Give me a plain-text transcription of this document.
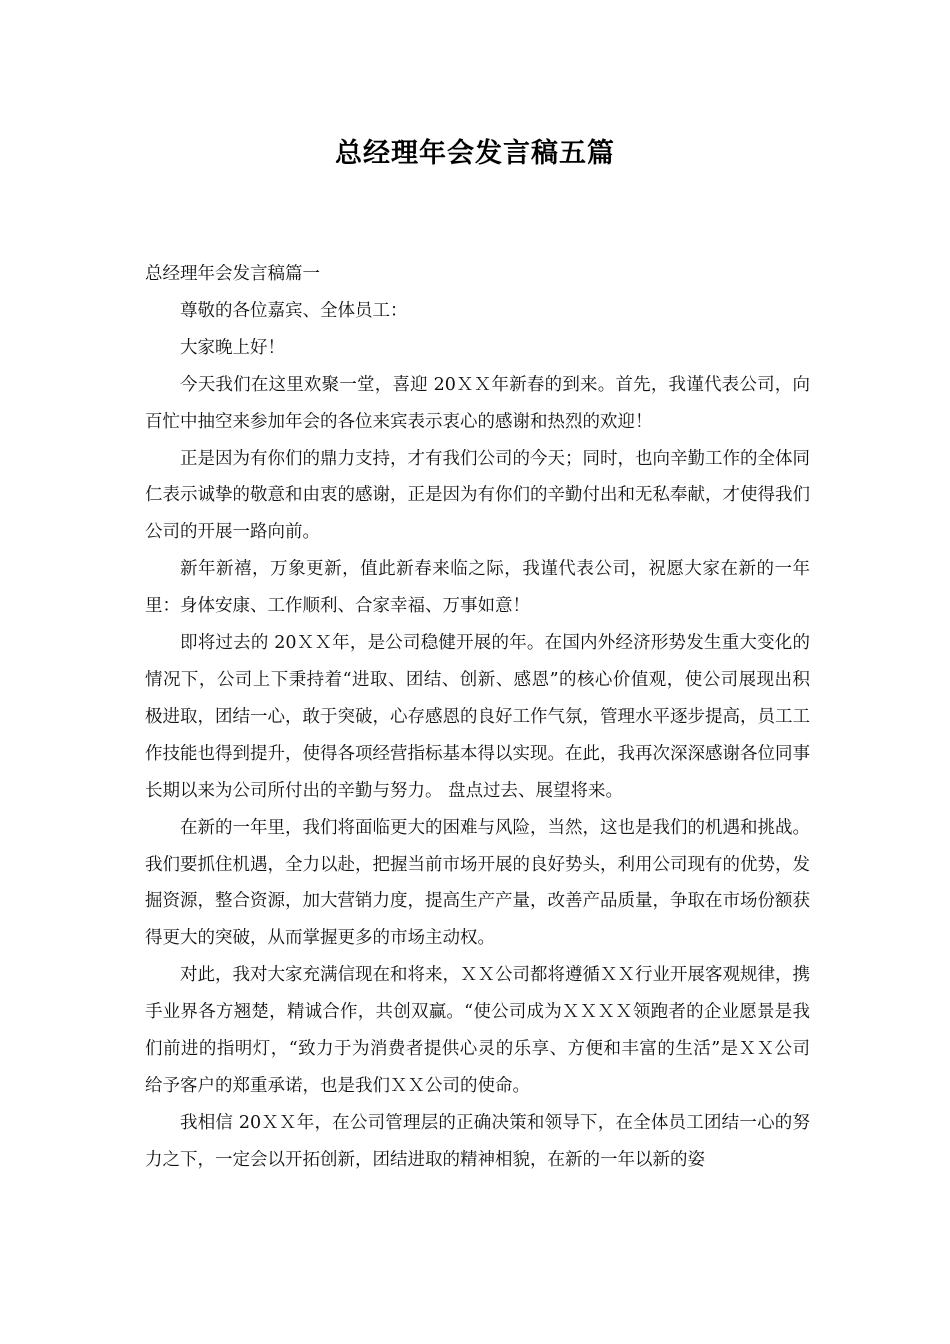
总经理年会发言稿五篇

总经理年会发言稿篇一

尊敬的各位嘉宾、全体员工：

大家晚上好！

今天我们在这里欢聚一堂，喜迎 20ＸＸ年新春的到来。首先，我谨代表公司，向百忙中抽空来参加年会的各位来宾表示衷心的感谢和热烈的欢迎！

正是因为有你们的鼎力支持，才有我们公司的今天；同时，也向辛勤工作的全体同仁表示诚挚的敬意和由衷的感谢，正是因为有你们的辛勤付出和无私奉献，才使得我们公司的开展一路向前。

新年新禧，万象更新，值此新春来临之际，我谨代表公司，祝愿大家在新的一年里：身体安康、工作顺利、合家幸福、万事如意！

即将过去的 20ＸＸ年，是公司稳健开展的年。在国内外经济形势发生重大变化的情况下，公司上下秉持着“进取、团结、创新、感恩”的核心价值观，使公司展现出积极进取，团结一心，敢于突破，心存感恩的良好工作气氛，管理水平逐步提高，员工工作技能也得到提升，使得各项经营指标基本得以实现。在此，我再次深深感谢各位同事长期以来为公司所付出的辛勤与努力。 盘点过去、展望将来。

在新的一年里，我们将面临更大的困难与风险，当然，这也是我们的机遇和挑战。我们要抓住机遇，全力以赴，把握当前市场开展的良好势头，利用公司现有的优势，发掘资源，整合资源，加大营销力度，提高生产产量，改善产品质量，争取在市场份额获得更大的突破，从而掌握更多的市场主动权。

对此，我对大家充满信现在和将来，ＸＸ公司都将遵循ＸＸ行业开展客观规律，携手业界各方翘楚，精诚合作，共创双赢。“使公司成为ＸＸＸＸ领跑者的企业愿景是我们前进的指明灯，“致力于为消费者提供心灵的乐享、方便和丰富的生活”是ＸＸ公司给予客户的郑重承诺，也是我们ＸＸ公司的使命。

我相信 20ＸＸ年，在公司管理层的正确决策和领导下，在全体员工团结一心的努力之下，一定会以开拓创新，团结进取的精神相貌，在新的一年以新的姿
